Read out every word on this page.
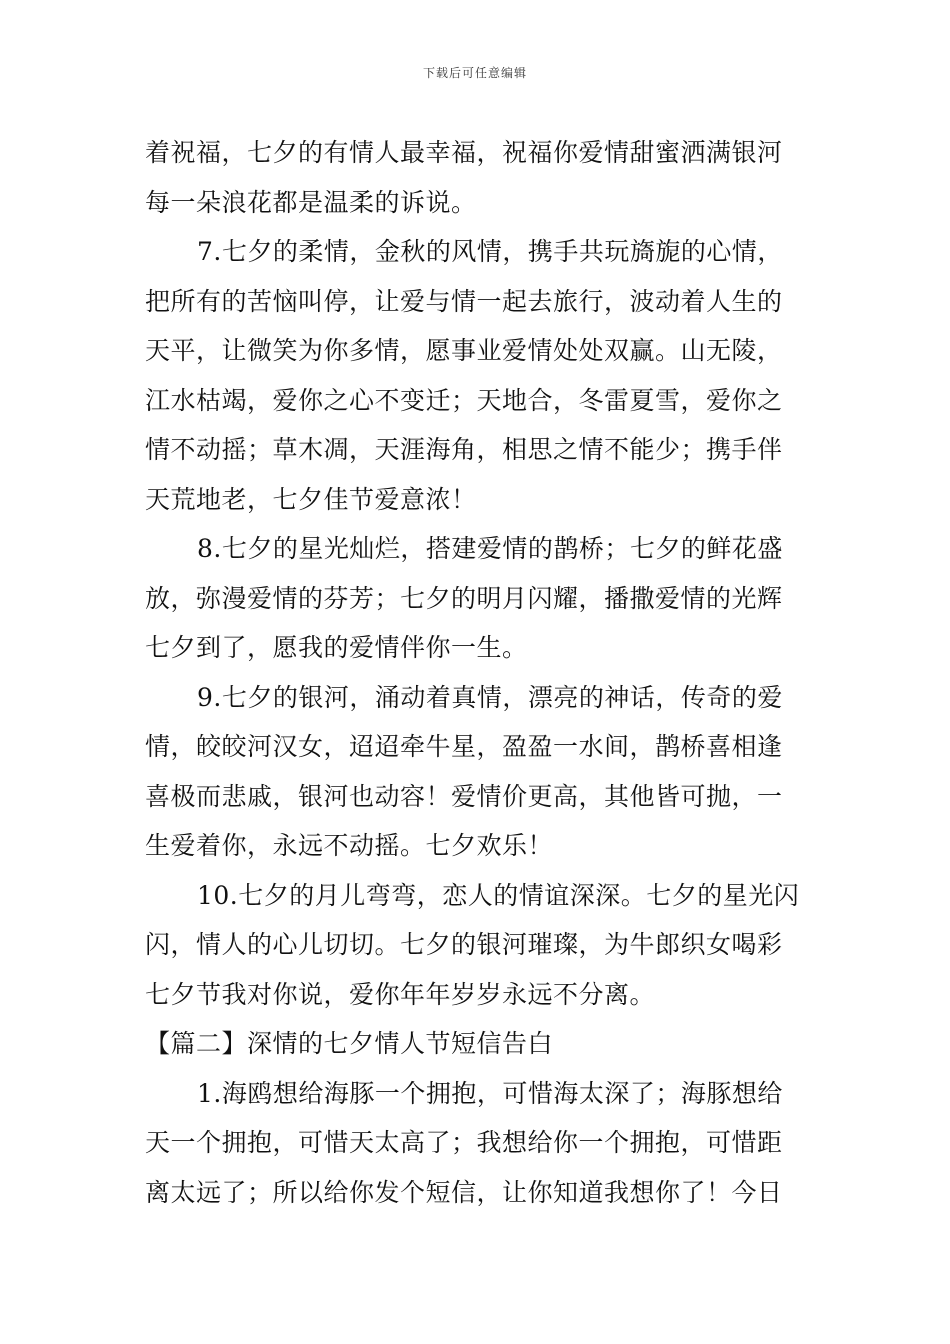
下载后可任意编辑
着祝福，七夕的有情人最幸福，祝福你爱情甜蜜洒满银河
每一朵浪花都是温柔的诉说。
7.七夕的柔情，金秋的风情，携手共玩旖旎的心情，
把所有的苦恼叫停，让爱与情一起去旅行，波动着人生的
天平，让微笑为你多情，愿事业爱情处处双赢。山无陵，
江水枯竭，爱你之心不变迁；天地合，冬雷夏雪，爱你之
情不动摇；草木凋，天涯海角，相思之情不能少；携手伴
天荒地老，七夕佳节爱意浓！
8.七夕的星光灿烂，搭建爱情的鹊桥；七夕的鲜花盛
放，弥漫爱情的芬芳；七夕的明月闪耀，播撒爱情的光辉
七夕到了，愿我的爱情伴你一生。
9.七夕的银河，涌动着真情，漂亮的神话，传奇的爱
情，皎皎河汉女，迢迢牵牛星，盈盈一水间，鹊桥喜相逢
喜极而悲戚，银河也动容！爱情价更高，其他皆可抛，一
生爱着你，永远不动摇。七夕欢乐！
10.七夕的月儿弯弯，恋人的情谊深深。七夕的星光闪
闪，情人的心儿切切。七夕的银河璀璨，为牛郎织女喝彩
七夕节我对你说，爱你年年岁岁永远不分离。
【篇二】深情的七夕情人节短信告白
1.海鸥想给海豚一个拥抱，可惜海太深了；海豚想给
天一个拥抱，可惜天太高了；我想给你一个拥抱，可惜距
离太远了；所以给你发个短信，让你知道我想你了！今日
